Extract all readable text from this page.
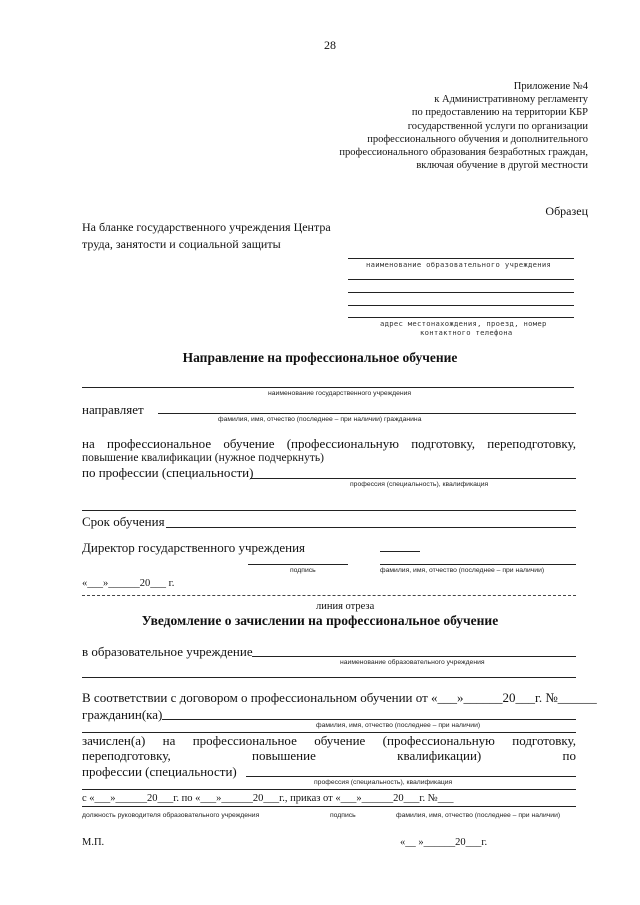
28
Приложение №4
к Административному регламенту
по предоставлению на территории КБР
государственной услуги по организации
профессионального обучения и дополнительного
профессионального образования безработных граждан,
включая обучение в другой местности
Образец
На бланке государственного учреждения Центра
труда, занятости и социальной защиты
наименование образовательного учреждения
адрес местонахождения, проезд, номер
контактного телефона
Направление на профессиональное обучение
наименование государственного учреждения
направляет
фамилия, имя, отчество (последнее – при наличии) гражданина
на профессиональное обучение (профессиональную подготовку, переподготовку,
повышение квалификации (нужное подчеркнуть)
по профессии (специальности)
профессия (специальность), квалификация
Срок обучения
Директор государственного учреждения
подпись	фамилия, имя, отчество (последнее – при наличии)
«___»______20___ г.
линия отреза
Уведомление о зачислении на профессиональное обучение
в образовательное учреждение
наименование образовательного учреждения
В соответствии с договором о профессиональном обучении от «___»______20___г. №______
гражданин(ка)
фамилия, имя, отчество (последнее – при наличии)
зачислен(а) на профессиональное обучение (профессиональную подготовку,
переподготовку, повышение квалификации) по
профессии (специальности)
профессия (специальность), квалификация
с «___»______20___г. по «___»______20___г., приказ от «___»______20___г. №___
должность руководителя образовательного учреждения	подпись	фамилия, имя, отчество (последнее – при наличии)
М.П.	«__ »______20___г.
